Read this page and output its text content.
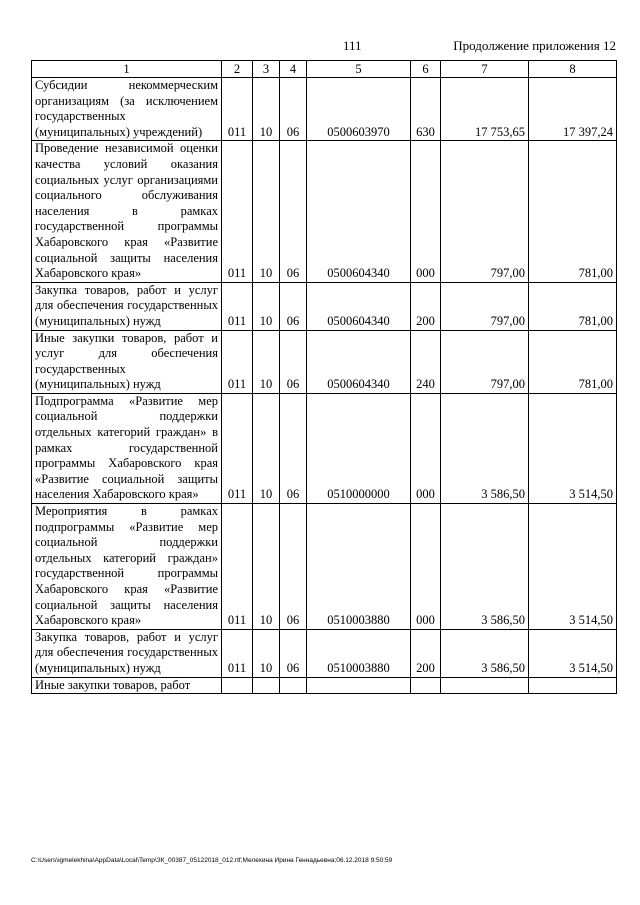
111	Продолжение приложения 12
1	2	3	4	5	6	7	8
Субсидии некоммерческим организациям (за исключением государственных (муниципальных) учреждений)	011	10	06	0500603970	630	17 753,65	17 397,24
Проведение независимой оценки качества условий оказания социальных услуг организациями социального обслуживания населения в рамках государственной программы Хабаровского края «Развитие социальной защиты населения Хабаровского края»	011	10	06	0500604340	000	797,00	781,00
Закупка товаров, работ и услуг для обеспечения государственных (муниципальных) нужд	011	10	06	0500604340	200	797,00	781,00
Иные закупки товаров, работ и услуг для обеспечения государственных (муниципальных) нужд	011	10	06	0500604340	240	797,00	781,00
Подпрограмма «Развитие мер социальной поддержки отдельных категорий граждан» в рамках государственной программы Хабаровского края «Развитие социальной защиты населения Хабаровского края»	011	10	06	0510000000	000	3 586,50	3 514,50
Мероприятия в рамках подпрограммы «Развитие мер социальной поддержки отдельных категорий граждан» государственной программы Хабаровского края «Развитие социальной защиты населения Хабаровского края»	011	10	06	0510003880	000	3 586,50	3 514,50
Закупка товаров, работ и услуг для обеспечения государственных (муниципальных) нужд	011	10	06	0510003880	200	3 586,50	3 514,50
Иные закупки товаров, работ							
C:\Users\igmelekhina\AppData\Local\Temp\ЗК_00387_05122018_012.rtf;Мелехина Ирина Геннадьевна;06.12.2018 9:50:59
